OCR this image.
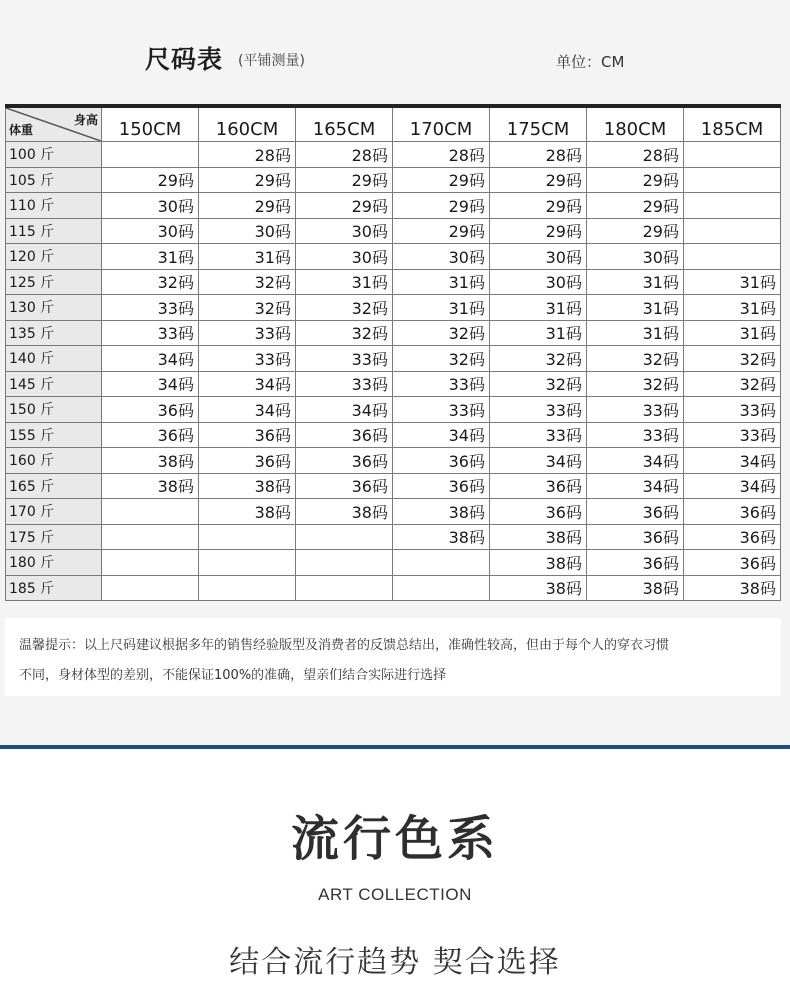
尺码表 (平铺测量)	单位：CM
身高
体重	150CM	160CM	165CM	170CM	175CM	180CM	185CM
100 斤		28码	28码	28码	28码	28码	
105 斤	29码	29码	29码	29码	29码	29码	
110 斤	30码	29码	29码	29码	29码	29码	
115 斤	30码	30码	30码	29码	29码	29码	
120 斤	31码	31码	30码	30码	30码	30码	
125 斤	32码	32码	31码	31码	30码	31码	31码
130 斤	33码	32码	32码	31码	31码	31码	31码
135 斤	33码	33码	32码	32码	31码	31码	31码
140 斤	34码	33码	33码	32码	32码	32码	32码
145 斤	34码	34码	33码	33码	32码	32码	32码
150 斤	36码	34码	34码	33码	33码	33码	33码
155 斤	36码	36码	36码	34码	33码	33码	33码
160 斤	38码	36码	36码	36码	34码	34码	34码
165 斤	38码	38码	36码	36码	36码	34码	34码
170 斤		38码	38码	38码	36码	36码	36码
175 斤				38码	38码	36码	36码
180 斤					38码	36码	36码
185 斤					38码	38码	38码

温馨提示：以上尺码建议根据多年的销售经验版型及消费者的反馈总结出，准确性较高，但由于每个人的穿衣习惯

不同，身材体型的差别，不能保证100%的准确，望亲们结合实际进行选择

流行色系
ART COLLECTION
结合流行趋势 契合选择
